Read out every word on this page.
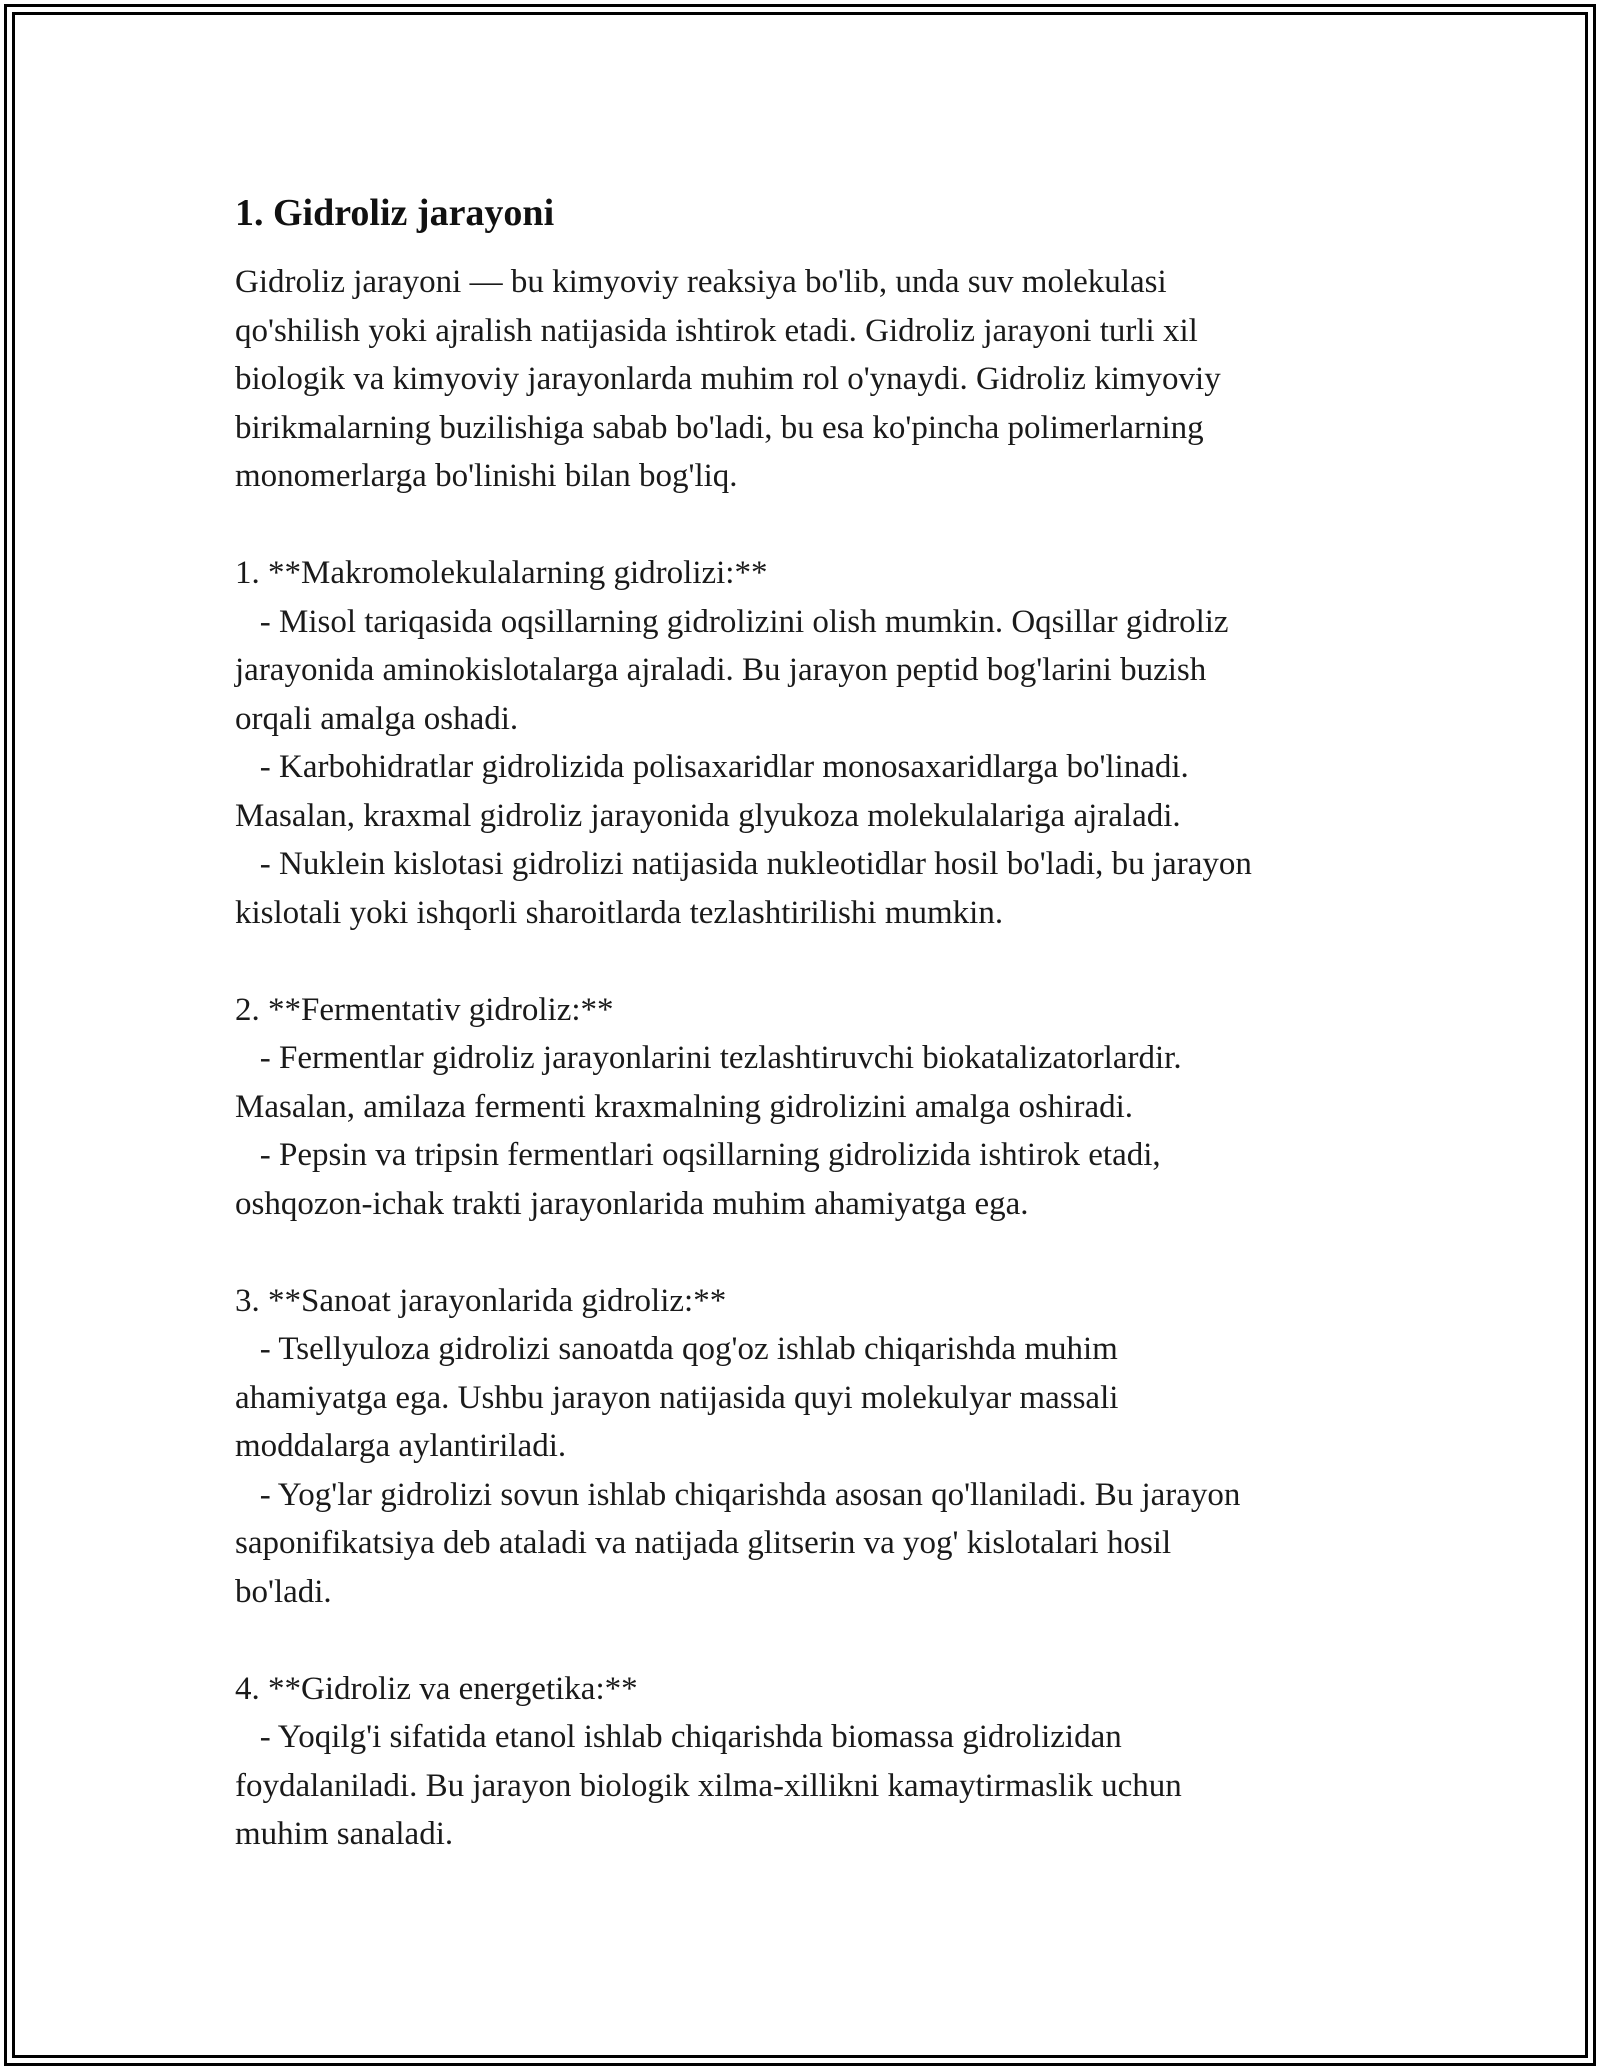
1. Gidroliz jarayoni

Gidroliz jarayoni — bu kimyoviy reaksiya bo'lib, unda suv molekulasi
qo'shilish yoki ajralish natijasida ishtirok etadi. Gidroliz jarayoni turli xil
biologik va kimyoviy jarayonlarda muhim rol o'ynaydi. Gidroliz kimyoviy
birikmalarning buzilishiga sabab bo'ladi, bu esa ko'pincha polimerlarning
monomerlarga bo'linishi bilan bog'liq.

1. **Makromolekulalarning gidrolizi:**
- Misol tariqasida oqsillarning gidrolizini olish mumkin. Oqsillar gidroliz
jarayonida aminokislotalarga ajraladi. Bu jarayon peptid bog'larini buzish
orqali amalga oshadi.
- Karbohidratlar gidrolizida polisaxaridlar monosaxaridlarga bo'linadi.
Masalan, kraxmal gidroliz jarayonida glyukoza molekulalariga ajraladi.
- Nuklein kislotasi gidrolizi natijasida nukleotidlar hosil bo'ladi, bu jarayon
kislotali yoki ishqorli sharoitlarda tezlashtirilishi mumkin.

2. **Fermentativ gidroliz:**
- Fermentlar gidroliz jarayonlarini tezlashtiruvchi biokatalizatorlardir.
Masalan, amilaza fermenti kraxmalning gidrolizini amalga oshiradi.
- Pepsin va tripsin fermentlari oqsillarning gidrolizida ishtirok etadi,
oshqozon-ichak trakti jarayonlarida muhim ahamiyatga ega.

3. **Sanoat jarayonlarida gidroliz:**
- Tsellyuloza gidrolizi sanoatda qog'oz ishlab chiqarishda muhim
ahamiyatga ega. Ushbu jarayon natijasida quyi molekulyar massali
moddalarga aylantiriladi.
- Yog'lar gidrolizi sovun ishlab chiqarishda asosan qo'llaniladi. Bu jarayon
saponifikatsiya deb ataladi va natijada glitserin va yog' kislotalari hosil
bo'ladi.

4. **Gidroliz va energetika:**
- Yoqilg'i sifatida etanol ishlab chiqarishda biomassa gidrolizidan
foydalaniladi. Bu jarayon biologik xilma-xillikni kamaytirmaslik uchun
muhim sanaladi.
